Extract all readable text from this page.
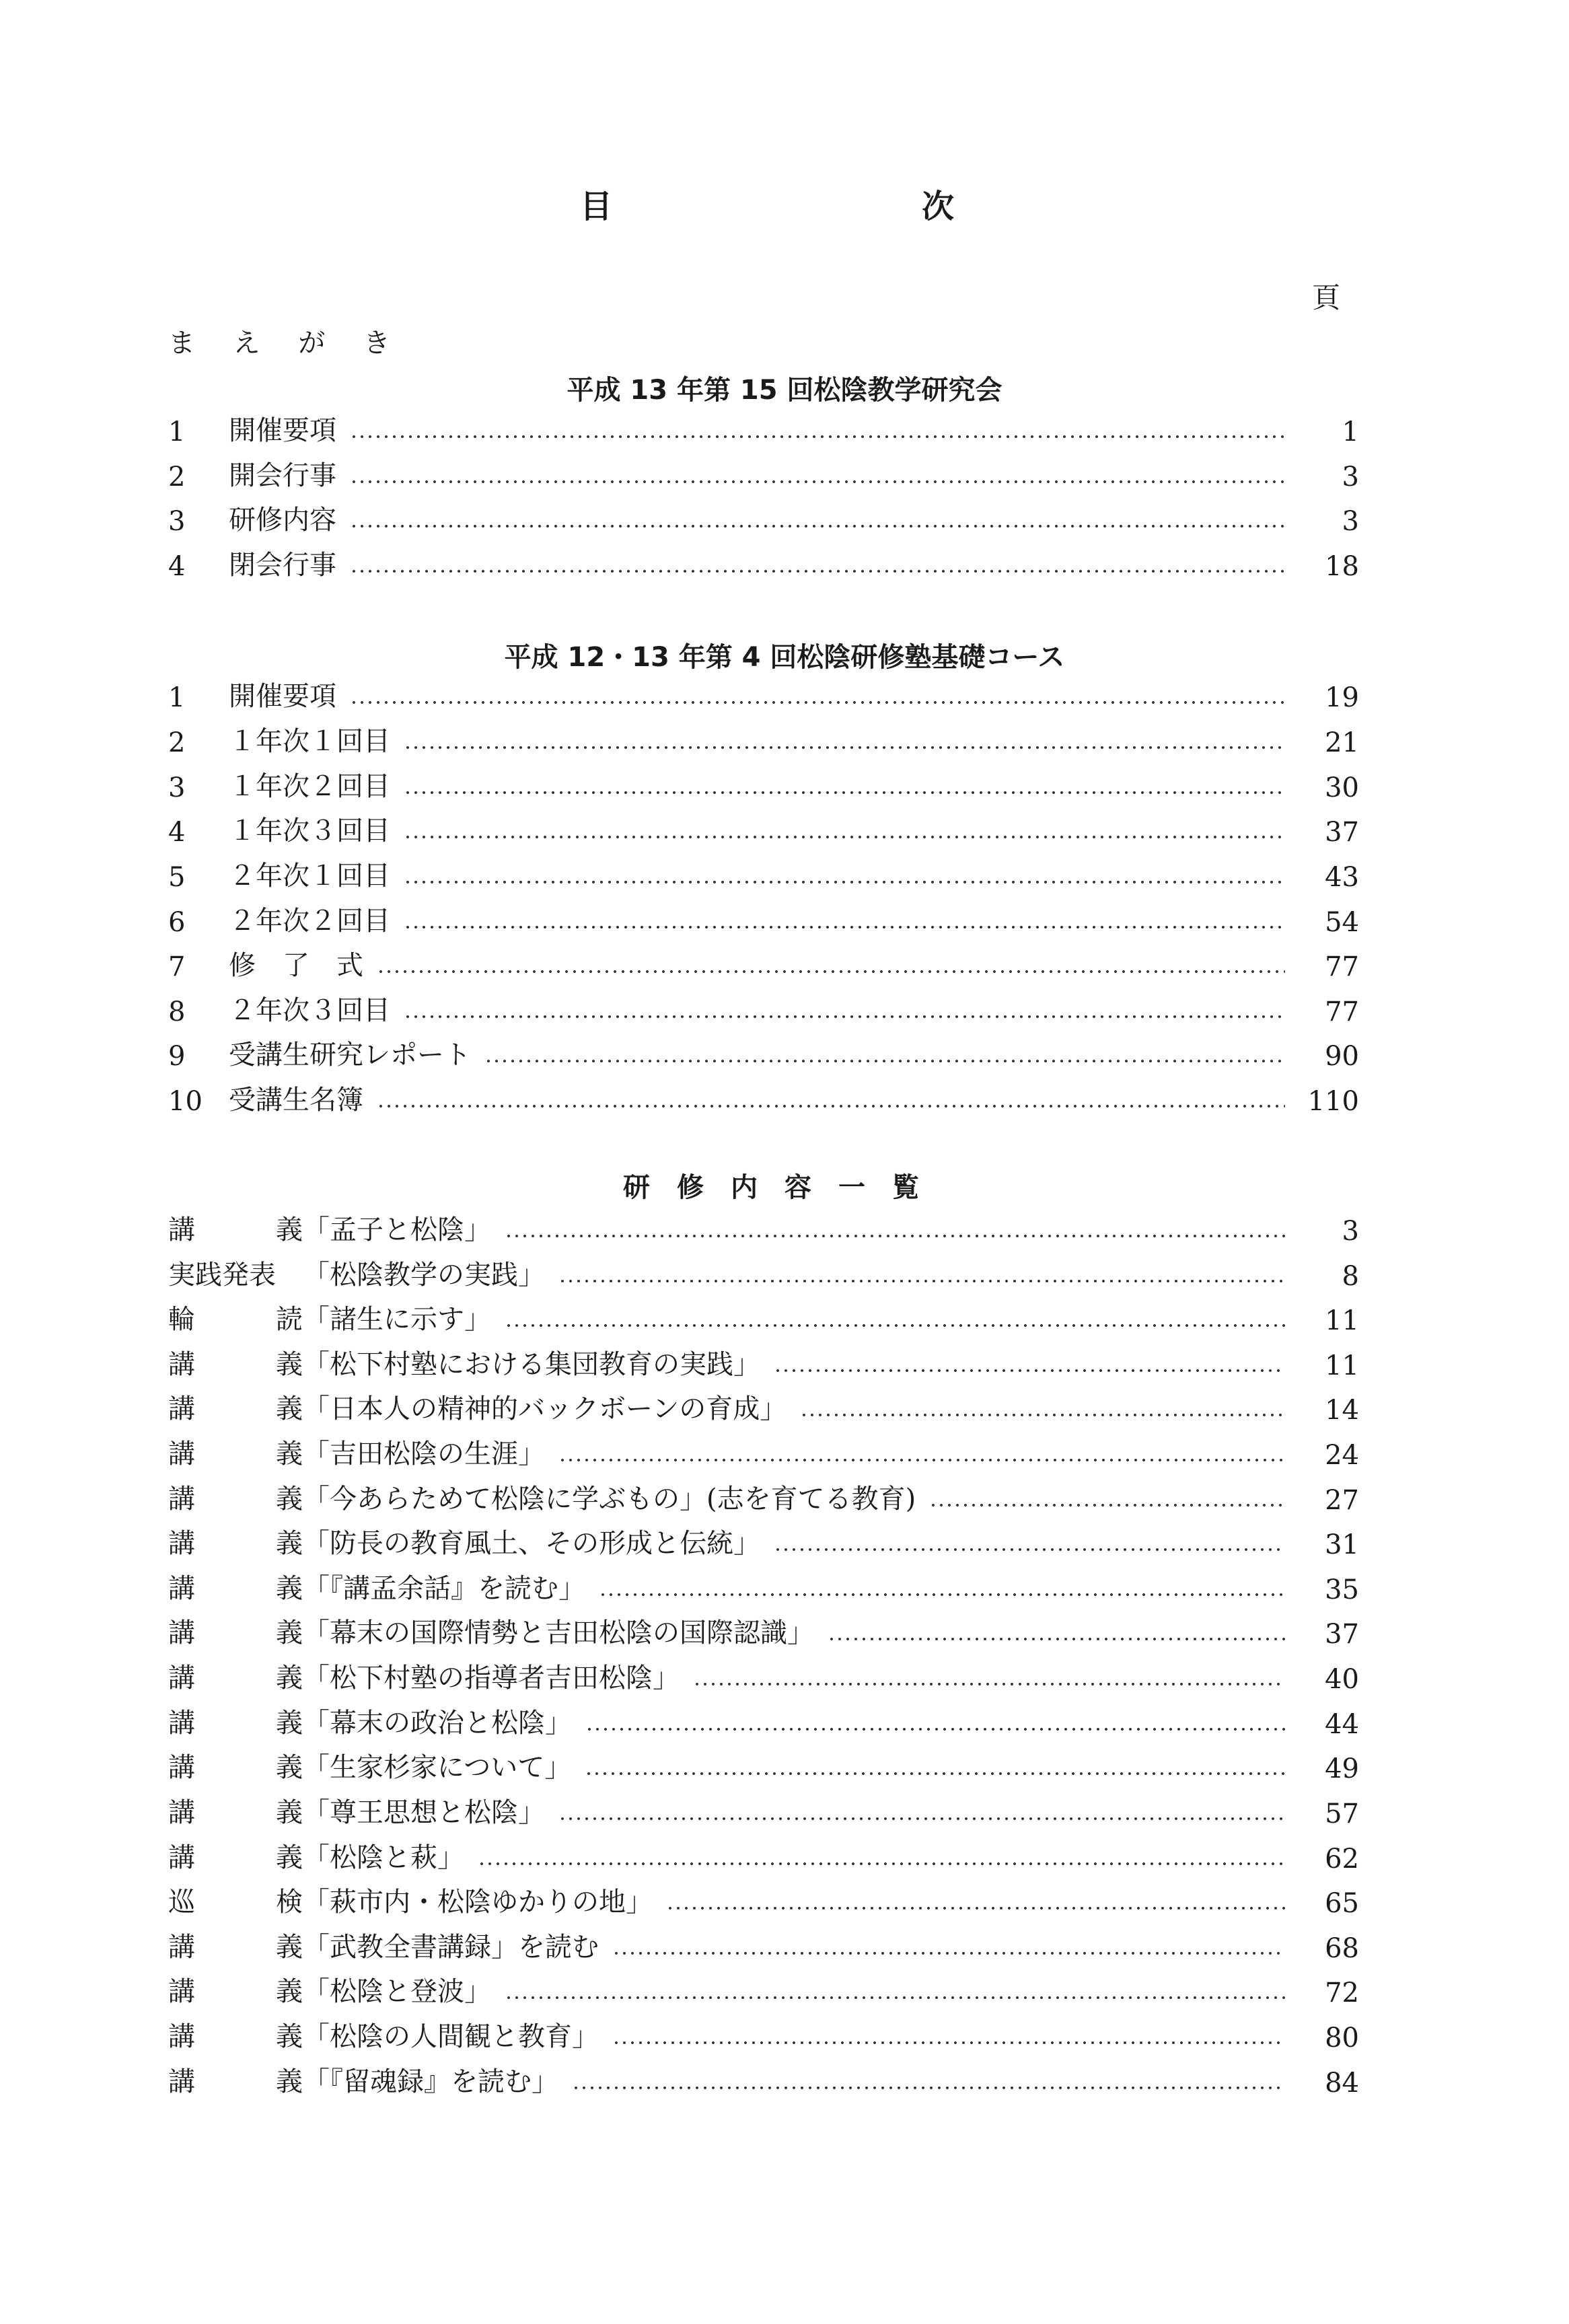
目	次
頁
ま え が き
平成 13 年第 15 回松陰教学研究会
1	開催要項	1
2	開会行事	3
3	研修内容	3
4	閉会行事	18
平成 12・13 年第 4 回松陰研修塾基礎コース
1	開催要項	19
2	１年次１回目	21
3	１年次２回目	30
4	１年次３回目	37
5	２年次１回目	43
6	２年次２回目	54
7	修　了　式	77
8	２年次３回目	77
9	受講生研究レポート	90
10 受講生名簿	110
研修内容一覧
講	義 「孟子と松陰」	3
実践発表 「松陰教学の実践」	8
輪	読 「諸生に示す」	11
講	義 「松下村塾における集団教育の実践」	11
講	義 「日本人の精神的バックボーンの育成」	14
講	義 「吉田松陰の生涯」	24
講	義 「今あらためて松陰に学ぶもの」(志を育てる教育)	27
講	義 「防長の教育風土、その形成と伝統」	31
講	義 「『講孟余話』を読む」	35
講	義 「幕末の国際情勢と吉田松陰の国際認識」	37
講	義 「松下村塾の指導者吉田松陰」	40
講	義 「幕末の政治と松陰」	44
講	義 「生家杉家について」	49
講	義 「尊王思想と松陰」	57
講	義 「松陰と萩」	62
巡	検 「萩市内・松陰ゆかりの地」	65
講	義 「武教全書講録」を読む	68
講	義 「松陰と登波」	72
講	義 「松陰の人間観と教育」	80
講	義 「『留魂録』を読む」	84
